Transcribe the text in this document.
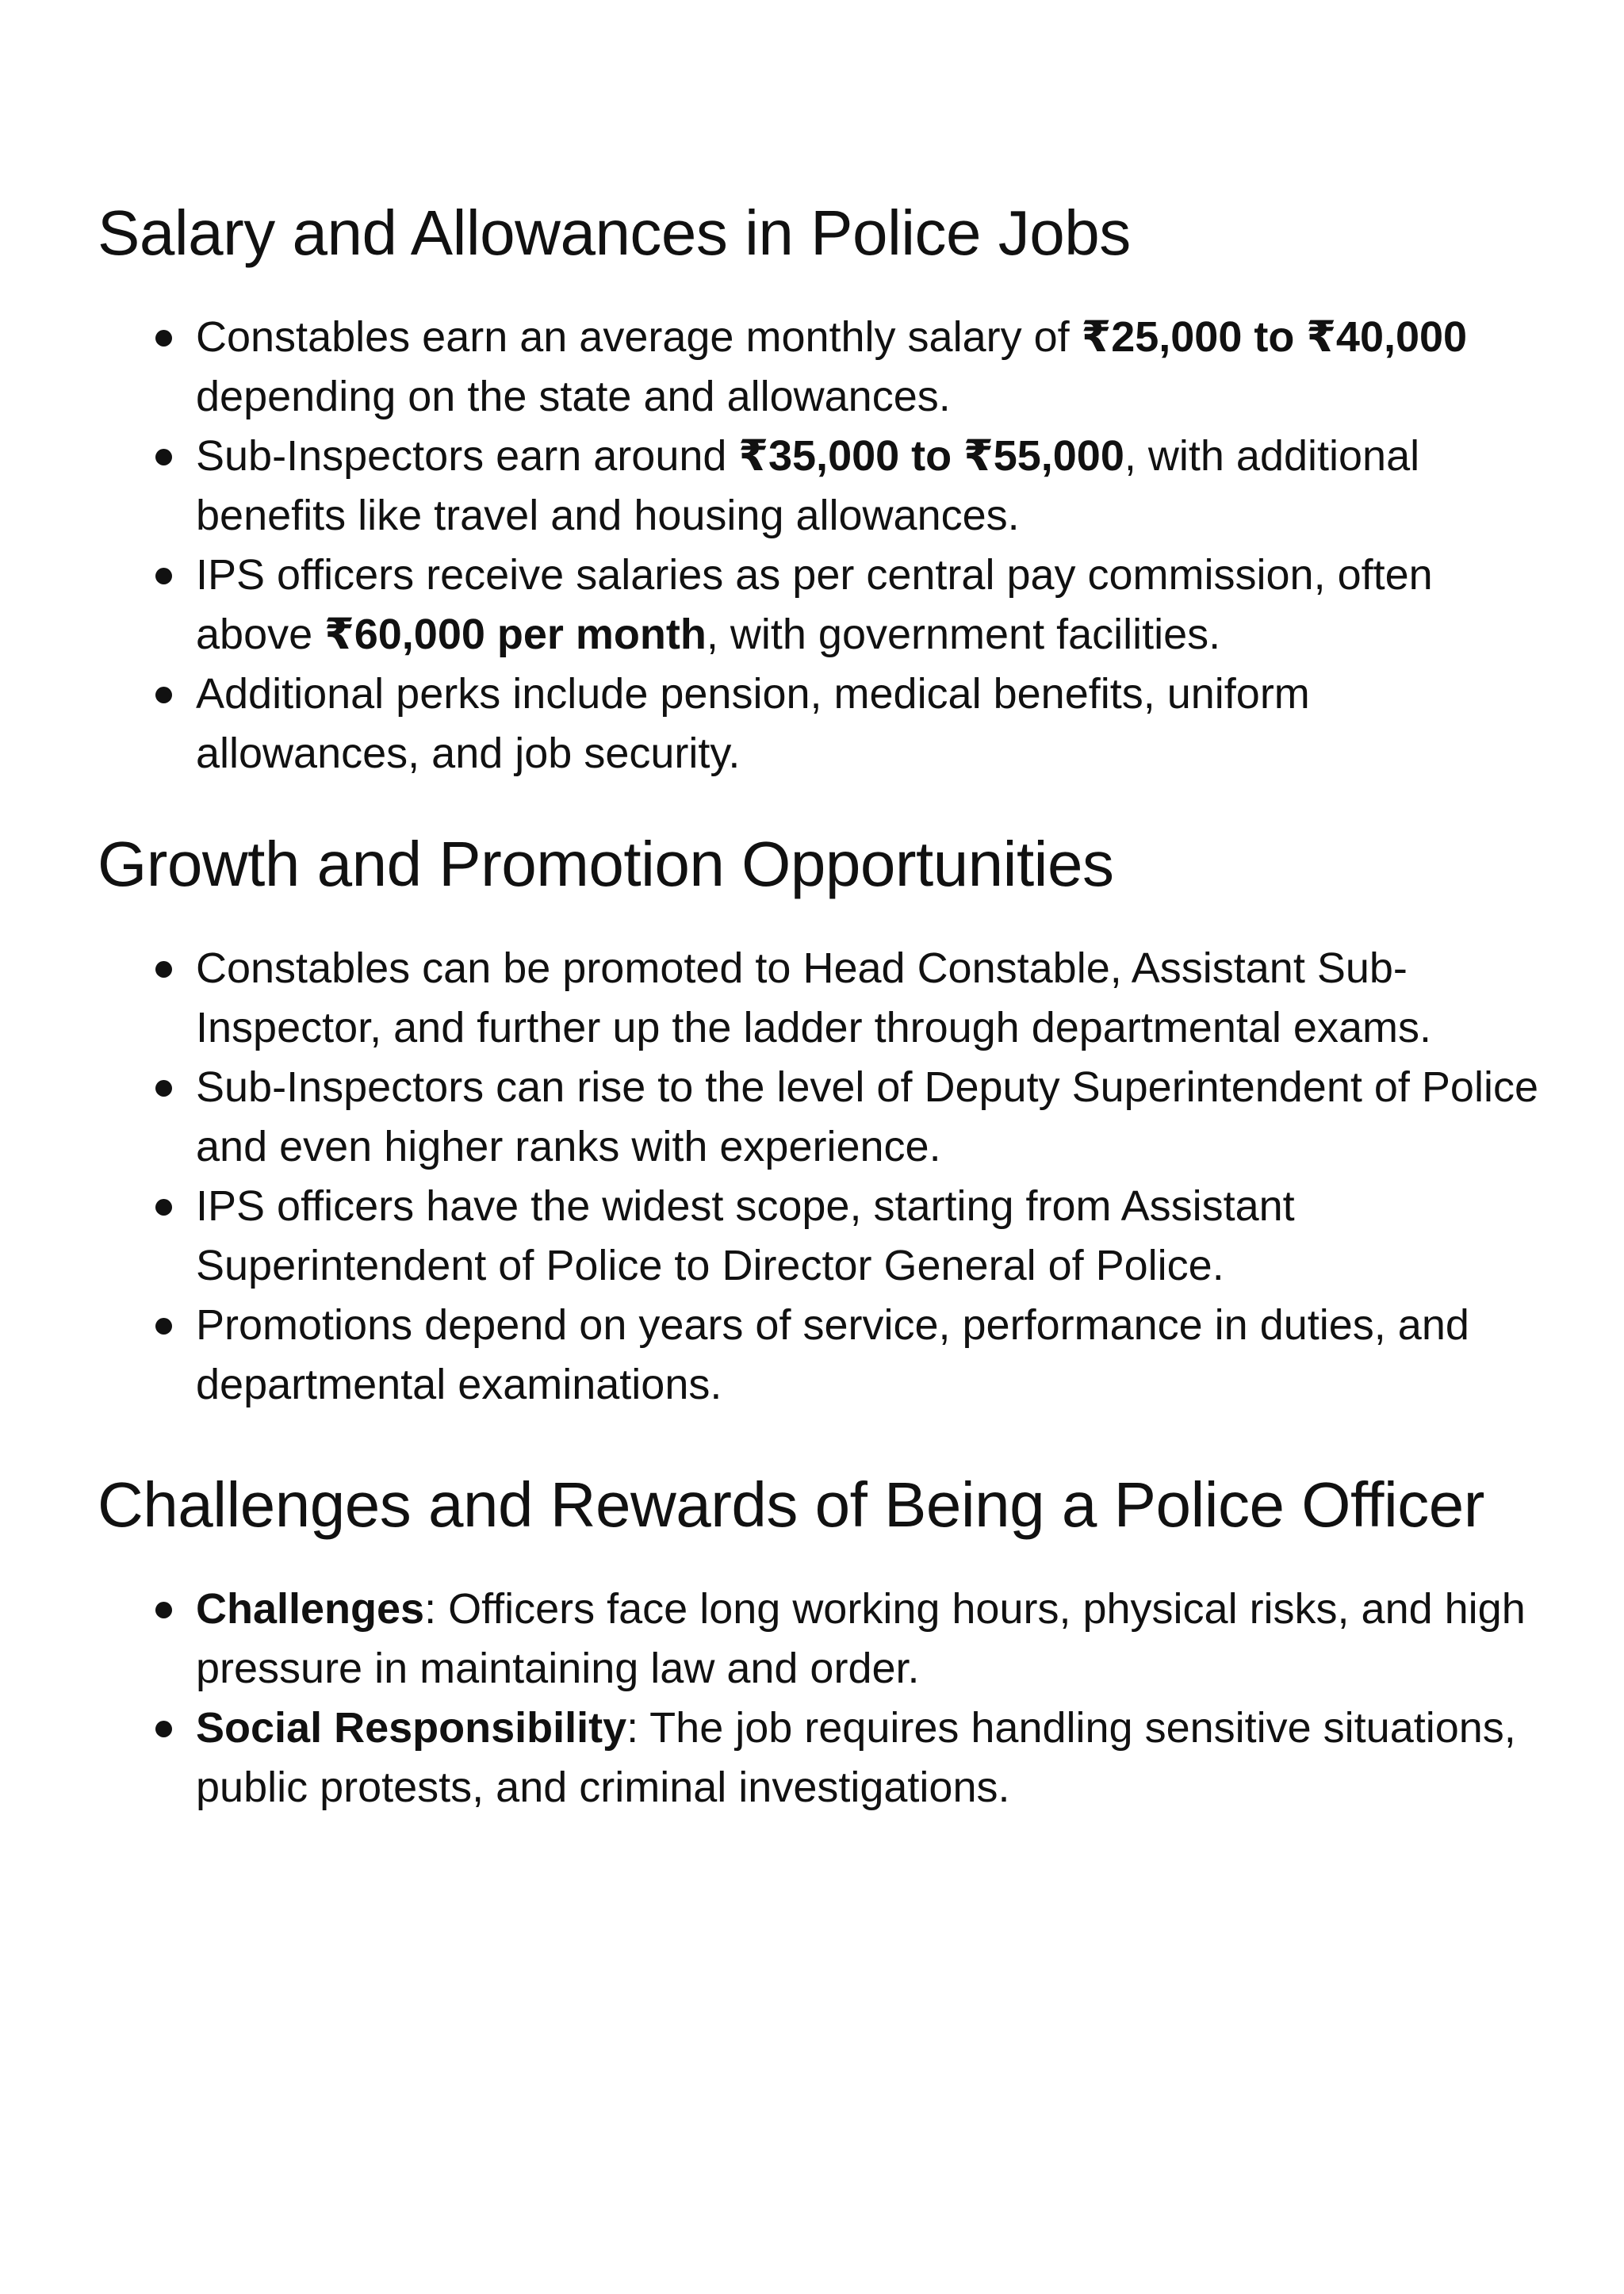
Salary and Allowances in Police Jobs
Constables earn an average monthly salary of ₹25,000 to ₹40,000 depending on the state and allowances.
Sub-Inspectors earn around ₹35,000 to ₹55,000, with additional benefits like travel and housing allowances.
IPS officers receive salaries as per central pay commission, often above ₹60,000 per month, with government facilities.
Additional perks include pension, medical benefits, uniform allowances, and job security.
Growth and Promotion Opportunities
Constables can be promoted to Head Constable, Assistant Sub-Inspector, and further up the ladder through departmental exams.
Sub-Inspectors can rise to the level of Deputy Superintendent of Police and even higher ranks with experience.
IPS officers have the widest scope, starting from Assistant Superintendent of Police to Director General of Police.
Promotions depend on years of service, performance in duties, and departmental examinations.
Challenges and Rewards of Being a Police Officer
Challenges: Officers face long working hours, physical risks, and high pressure in maintaining law and order.
Social Responsibility: The job requires handling sensitive situations, public protests, and criminal investigations.
